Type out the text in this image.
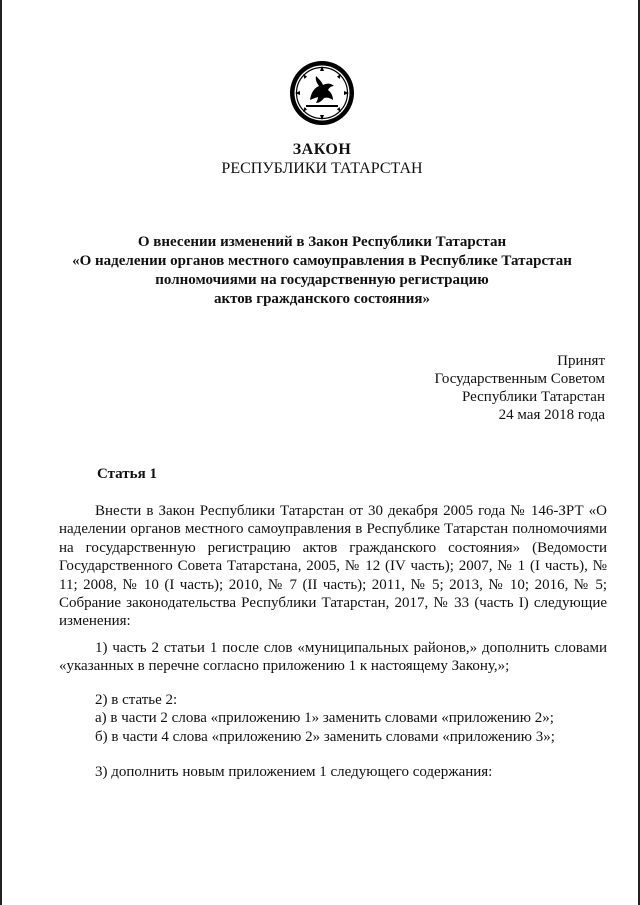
ЗАКОН
РЕСПУБЛИКИ ТАТАРСТАН
О внесении изменений в Закон Республики Татарстан
«О наделении органов местного самоуправления в Республике Татарстан
полномочиями на государственную регистрацию
актов гражданского состояния»
Принят
Государственным Советом
Республики Татарстан
24 мая 2018 года
Статья 1
Внести в Закон Республики Татарстан от 30 декабря 2005 года № 146-ЗРТ «О наделении органов местного самоуправления в Республике Татарстан полномочиями на государственную регистрацию актов гражданского состояния» (Ведомости Государственного Совета Татарстана, 2005, № 12 (IV часть); 2007, № 1 (I часть), № 11; 2008, № 10 (I часть); 2010, № 7 (II часть); 2011, № 5; 2013, № 10; 2016, № 5; Собрание законодательства Республики Татарстан, 2017, № 33 (часть I) следующие изменения:
1) часть 2 статьи 1 после слов «муниципальных районов,» дополнить словами «указанных в перечне согласно приложению 1 к настоящему Закону,»;
2) в статье 2:
а) в части 2 слова «приложению 1» заменить словами «приложению 2»;
б) в части 4 слова «приложению 2» заменить словами «приложению 3»;
3) дополнить новым приложением 1 следующего содержания:
